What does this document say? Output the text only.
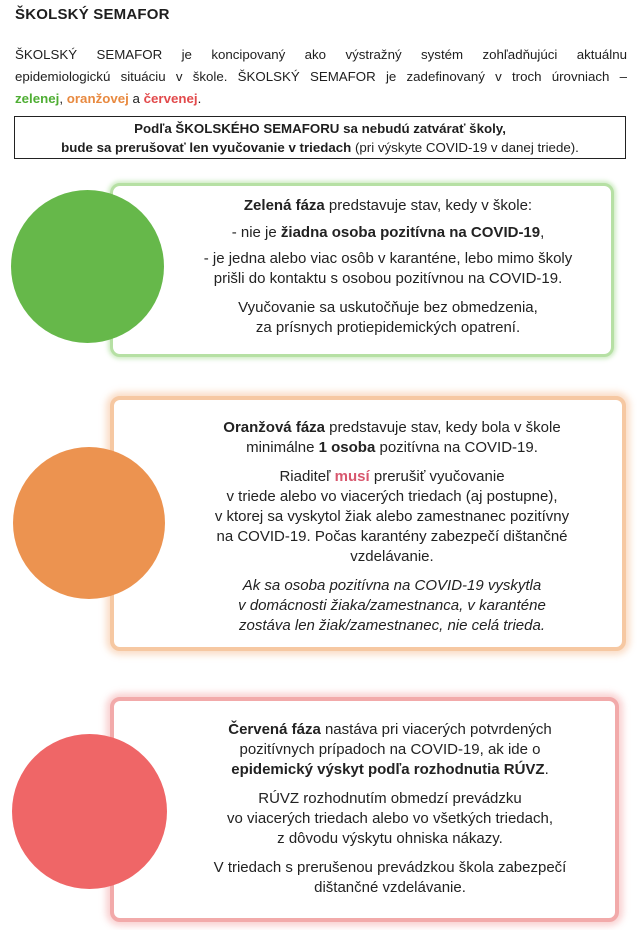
ŠKOLSKÝ SEMAFOR
ŠKOLSKÝ SEMAFOR je koncipovaný ako výstražný systém zohľadňujúci aktuálnu
epidemiologickú situáciu v škole. ŠKOLSKÝ SEMAFOR je zadefinovaný v troch úrovniach –
zelenej, oranžovej a červenej.
Podľa ŠKOLSKÉHO SEMAFORU sa nebudú zatvárať školy,
bude sa prerušovať len vyučovanie v triedach (pri výskyte COVID-19 v danej triede).

Zelená fáza predstavuje stav, kedy v škole:

- nie je žiadna osoba pozitívna na COVID-19,

- je jedna alebo viac osôb v karanténe, lebo mimo školy

prišli do kontaktu s osobou pozitívnou na COVID-19.

Vyučovanie sa uskutočňuje bez obmedzenia,

za prísnych protiepidemických opatrení.

Oranžová fáza predstavuje stav, kedy bola v škole

minimálne 1 osoba pozitívna na COVID-19.

Riaditeľ musí prerušiť vyučovanie

v triede alebo vo viacerých triedach (aj postupne),

v ktorej sa vyskytol žiak alebo zamestnanec pozitívny

na COVID-19. Počas karantény zabezpečí dištančné

vzdelávanie.

Ak sa osoba pozitívna na COVID-19 vyskytla

v domácnosti žiaka/zamestnanca, v karanténe

zostáva len žiak/zamestnanec, nie celá trieda.

Červená fáza nastáva pri viacerých potvrdených

pozitívnych prípadoch na COVID-19, ak ide o

epidemický výskyt podľa rozhodnutia RÚVZ.

RÚVZ rozhodnutím obmedzí prevádzku

vo viacerých triedach alebo vo všetkých triedach,

z dôvodu výskytu ohniska nákazy.

V triedach s prerušenou prevádzkou škola zabezpečí

dištančné vzdelávanie.
